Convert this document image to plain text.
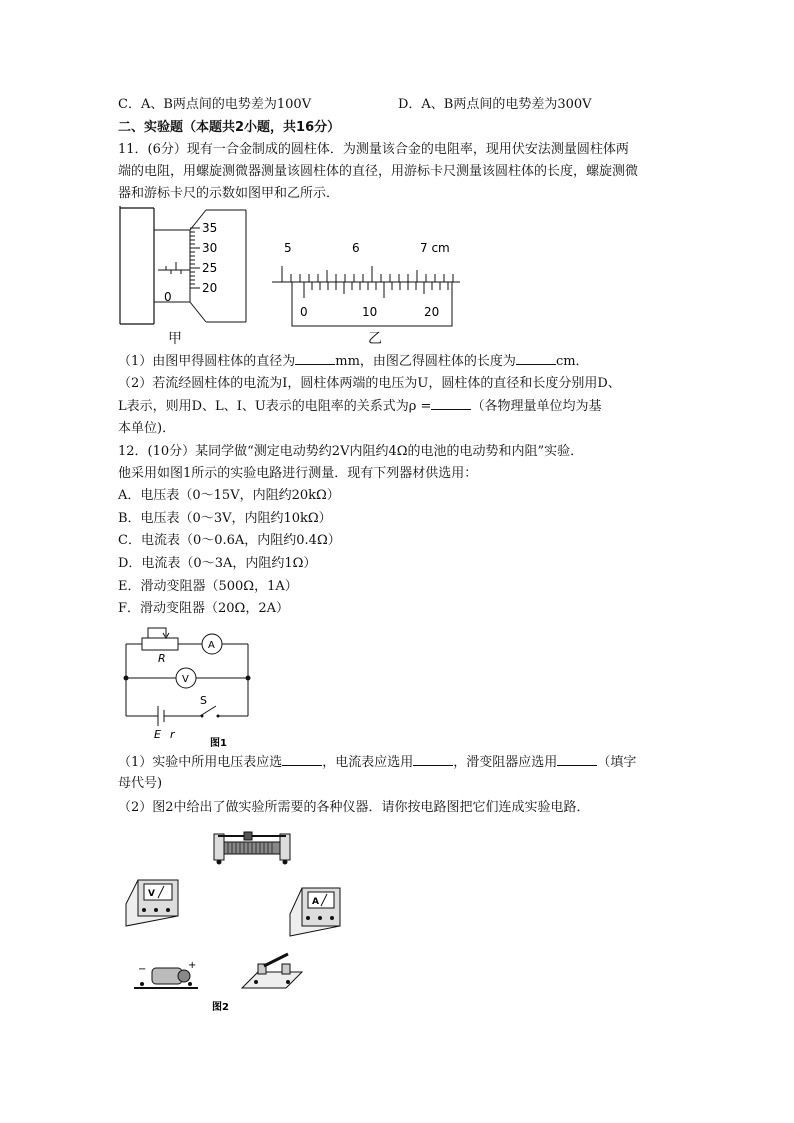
C．A、B两点间的电势差为100V	D．A、B两点间的电势差为300V
二、实验题（本题共2小题，共16分）
11．(6分）现有一合金制成的圆柱体．为测量该合金的电阻率，现用伏安法测量圆柱体两
端的电阻，用螺旋测微器测量该圆柱体的直径，用游标卡尺测量该圆柱体的长度，螺旋测微
器和游标卡尺的示数如图甲和乙所示．
35
30
25
20
0
5	6	7 cm
0	10	20
甲	乙
（1）由图甲得圆柱体的直径为	mm，由图乙得圆柱体的长度为	cm．
（2）若流经圆柱体的电流为I，圆柱体两端的电压为U，圆柱体的直径和长度分别用D、
L表示，则用D、L、I、U表示的电阻率的关系式为ρ =	（各物理量单位均为基
本单位)．
12．(10分）某同学做“测定电动势约2V内阻约4Ω的电池的电动势和内阻”实验．
他采用如图1所示的实验电路进行测量．现有下列器材供选用：
A．电压表（0～15V，内阻约20kΩ）
B．电压表（0～3V，内阻约10kΩ）
C．电流表（0～0.6A，内阻约0.4Ω）
D．电流表（0～3A，内阻约1Ω）
E．滑动变阻器（500Ω，1A）
F．滑动变阻器（20Ω，2A）
R
A
V
S
E r
图1
（1）实验中所用电压表应选	，电流表应选用	，滑变阻器应选用	（填字
母代号)
（2）图2中给出了做实验所需要的各种仪器．请你按电路图把它们连成实验电路．
V
A
−	+
图2
